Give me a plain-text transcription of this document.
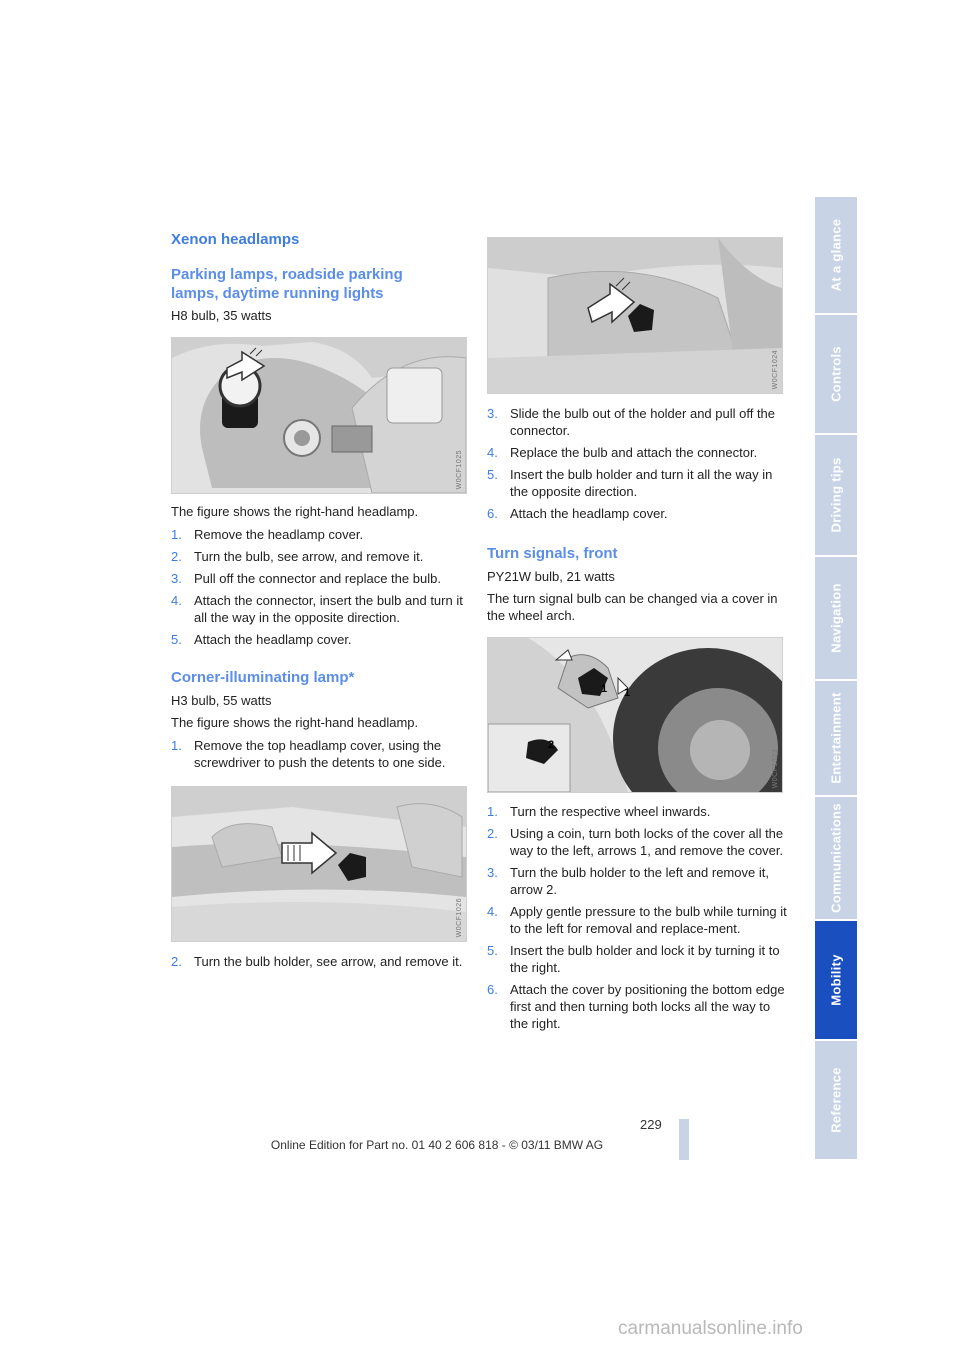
At a glance
Controls
Driving tips
Navigation
Entertainment
Communications
Mobility
Reference
Xenon headlamps
Parking lamps, roadside parking
lamps, daytime running lights

H8 bulb, 35 watts

W0CF1025

The figure shows the right-hand headlamp.

1. Remove the headlamp cover.
2. Turn the bulb, see arrow, and remove it.
3. Pull off the connector and replace the bulb.
4. Attach the connector, insert the bulb and turn it all the way in the opposite direction.
5. Attach the headlamp cover.
Corner-illuminating lamp*

H3 bulb, 55 watts

The figure shows the right-hand headlamp.

1. Remove the top headlamp cover, using the screwdriver to push the detents to one side.
W0CF1026
2. Turn the bulb holder, see arrow, and remove it.
W0CF1024
3. Slide the bulb out of the holder and pull off the connector.
4. Replace the bulb and attach the connector.
5. Insert the bulb holder and turn it all the way in the opposite direction.
6. Attach the headlamp cover.
Turn signals, front

PY21W bulb, 21 watts

The turn signal bulb can be changed via a cover in the wheel arch.

1 1
2
W0CF1023
1. Turn the respective wheel inwards.
2. Using a coin, turn both locks of the cover all the way to the left, arrows 1, and remove the cover.
3. Turn the bulb holder to the left and remove it, arrow 2.
4. Apply gentle pressure to the bulb while turning it to the left for removal and replace-ment.
5. Insert the bulb holder and lock it by turning it to the right.
6. Attach the cover by positioning the bottom edge first and then turning both locks all the way to the right.
229
Online Edition for Part no. 01 40 2 606 818 - © 03/11 BMW AG
carmanualsonline.info
